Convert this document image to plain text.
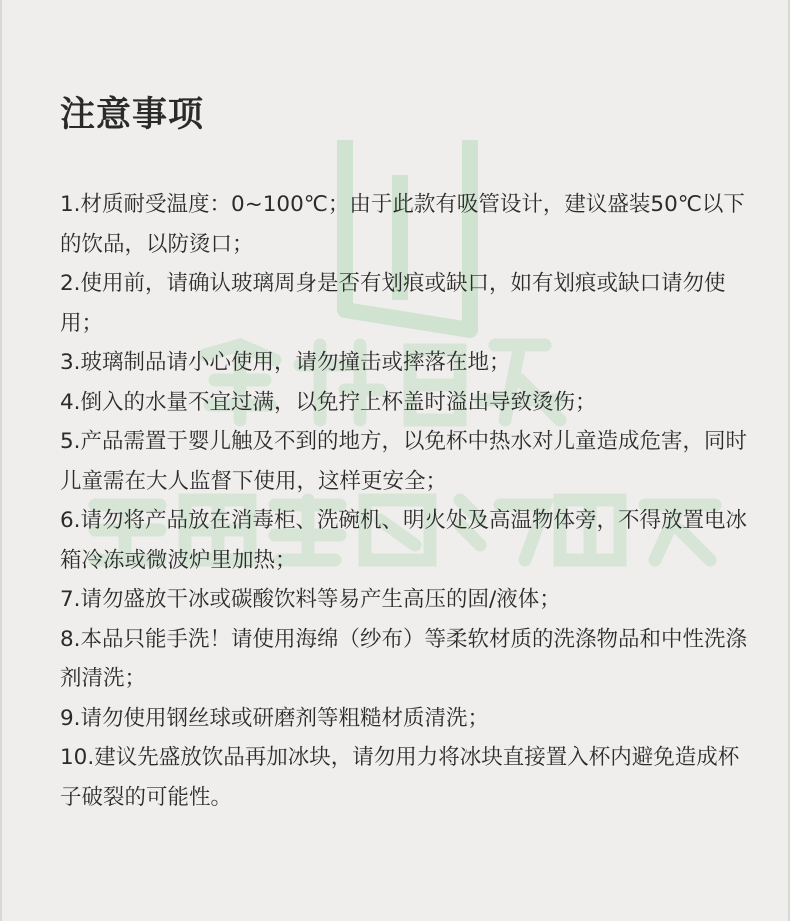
注意事项
1.材质耐受温度：0~100℃；由于此款有吸管设计，建议盛装50℃以下的饮品，以防烫口；
2.使用前，请确认玻璃周身是否有划痕或缺口，如有划痕或缺口请勿使用；
3.玻璃制品请小心使用，请勿撞击或摔落在地；
4.倒入的水量不宜过满，以免拧上杯盖时溢出导致烫伤；
5.产品需置于婴儿触及不到的地方，以免杯中热水对儿童造成危害，同时儿童需在大人监督下使用，这样更安全；
6.请勿将产品放在消毒柜、洗碗机、明火处及高温物体旁，不得放置电冰箱冷冻或微波炉里加热；
7.请勿盛放干冰或碳酸饮料等易产生高压的固/液体；
8.本品只能手洗！请使用海绵（纱布）等柔软材质的洗涤物品和中性洗涤剂清洗；
9.请勿使用钢丝球或研磨剂等粗糙材质清洗；
10.建议先盛放饮品再加冰块，请勿用力将冰块直接置入杯内避免造成杯子破裂的可能性。
